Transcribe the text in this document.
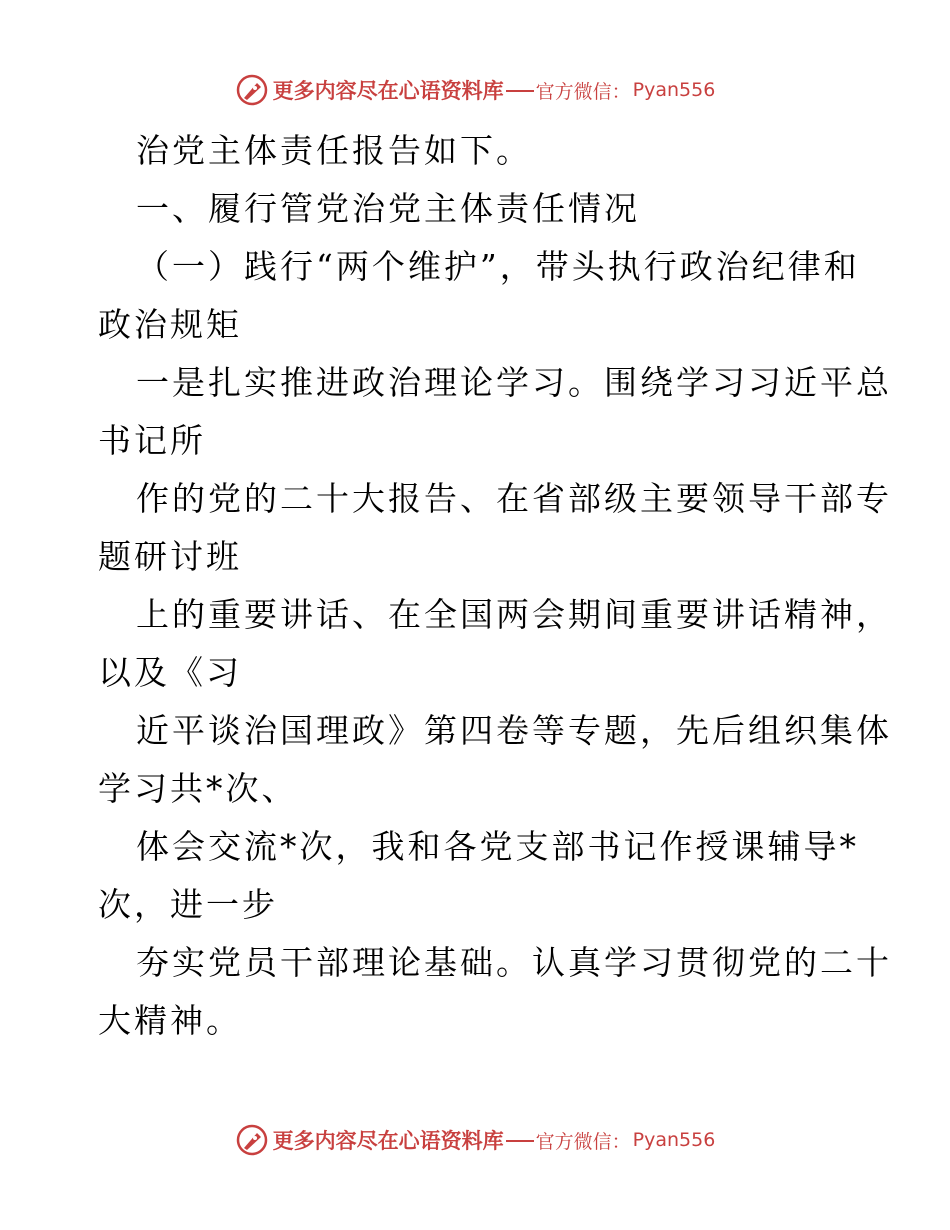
更多内容尽在心语资料库 官方微信： Pyan556
治党主体责任报告如下。
一、履行管党治党主体责任情况
（一）践行“两个维护”，带头执行政治纪律和
政治规矩
一是扎实推进政治理论学习。围绕学习习近平总
书记所
作的党的二十大报告、在省部级主要领导干部专
题研讨班
上的重要讲话、在全国两会期间重要讲话精神，
以及《习
近平谈治国理政》第四卷等专题，先后组织集体
学习共*次、
体会交流*次，我和各党支部书记作授课辅导*
次，进一步
夯实党员干部理论基础。认真学习贯彻党的二十
大精神。
更多内容尽在心语资料库 官方微信： Pyan556
